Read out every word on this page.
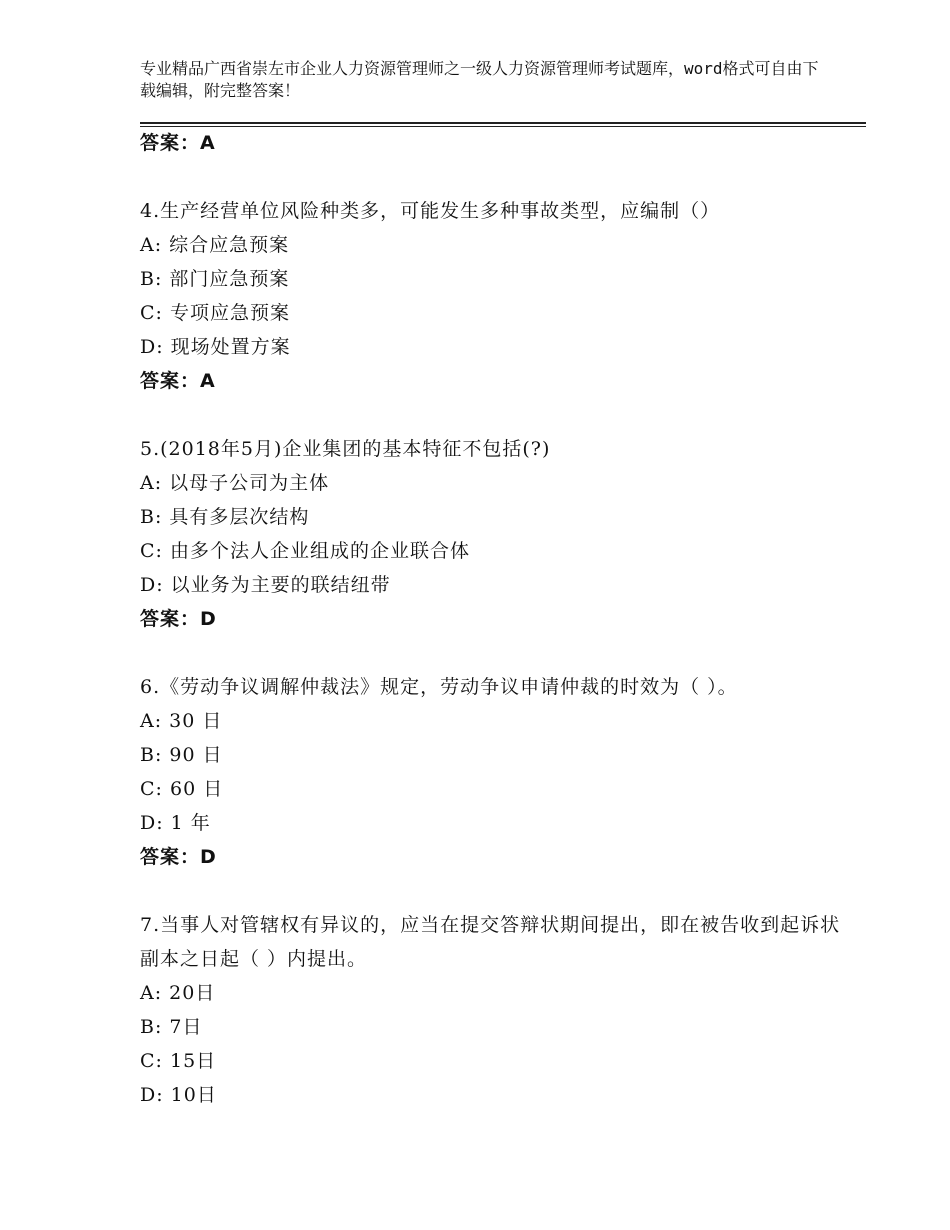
专业精品广西省崇左市企业人力资源管理师之一级人力资源管理师考试题库，word格式可自由下载编辑，附完整答案！
答案：A
4.生产经营单位风险种类多，可能发生多种事故类型，应编制（）
A: 综合应急预案
B: 部门应急预案
C: 专项应急预案
D: 现场处置方案
答案：A
5.(2018年5月)企业集团的基本特征不包括(?)
A: 以母子公司为主体
B: 具有多层次结构
C: 由多个法人企业组成的企业联合体
D: 以业务为主要的联结纽带
答案：D
6.《劳动争议调解仲裁法》规定，劳动争议申请仲裁的时效为（ ）。
A: 30 日
B: 90 日
C: 60 日
D: 1 年
答案：D
7.当事人对管辖权有异议的，应当在提交答辩状期间提出，即在被告收到起诉状副本之日起（ ）内提出。
A: 20日
B: 7日
C: 15日
D: 10日
